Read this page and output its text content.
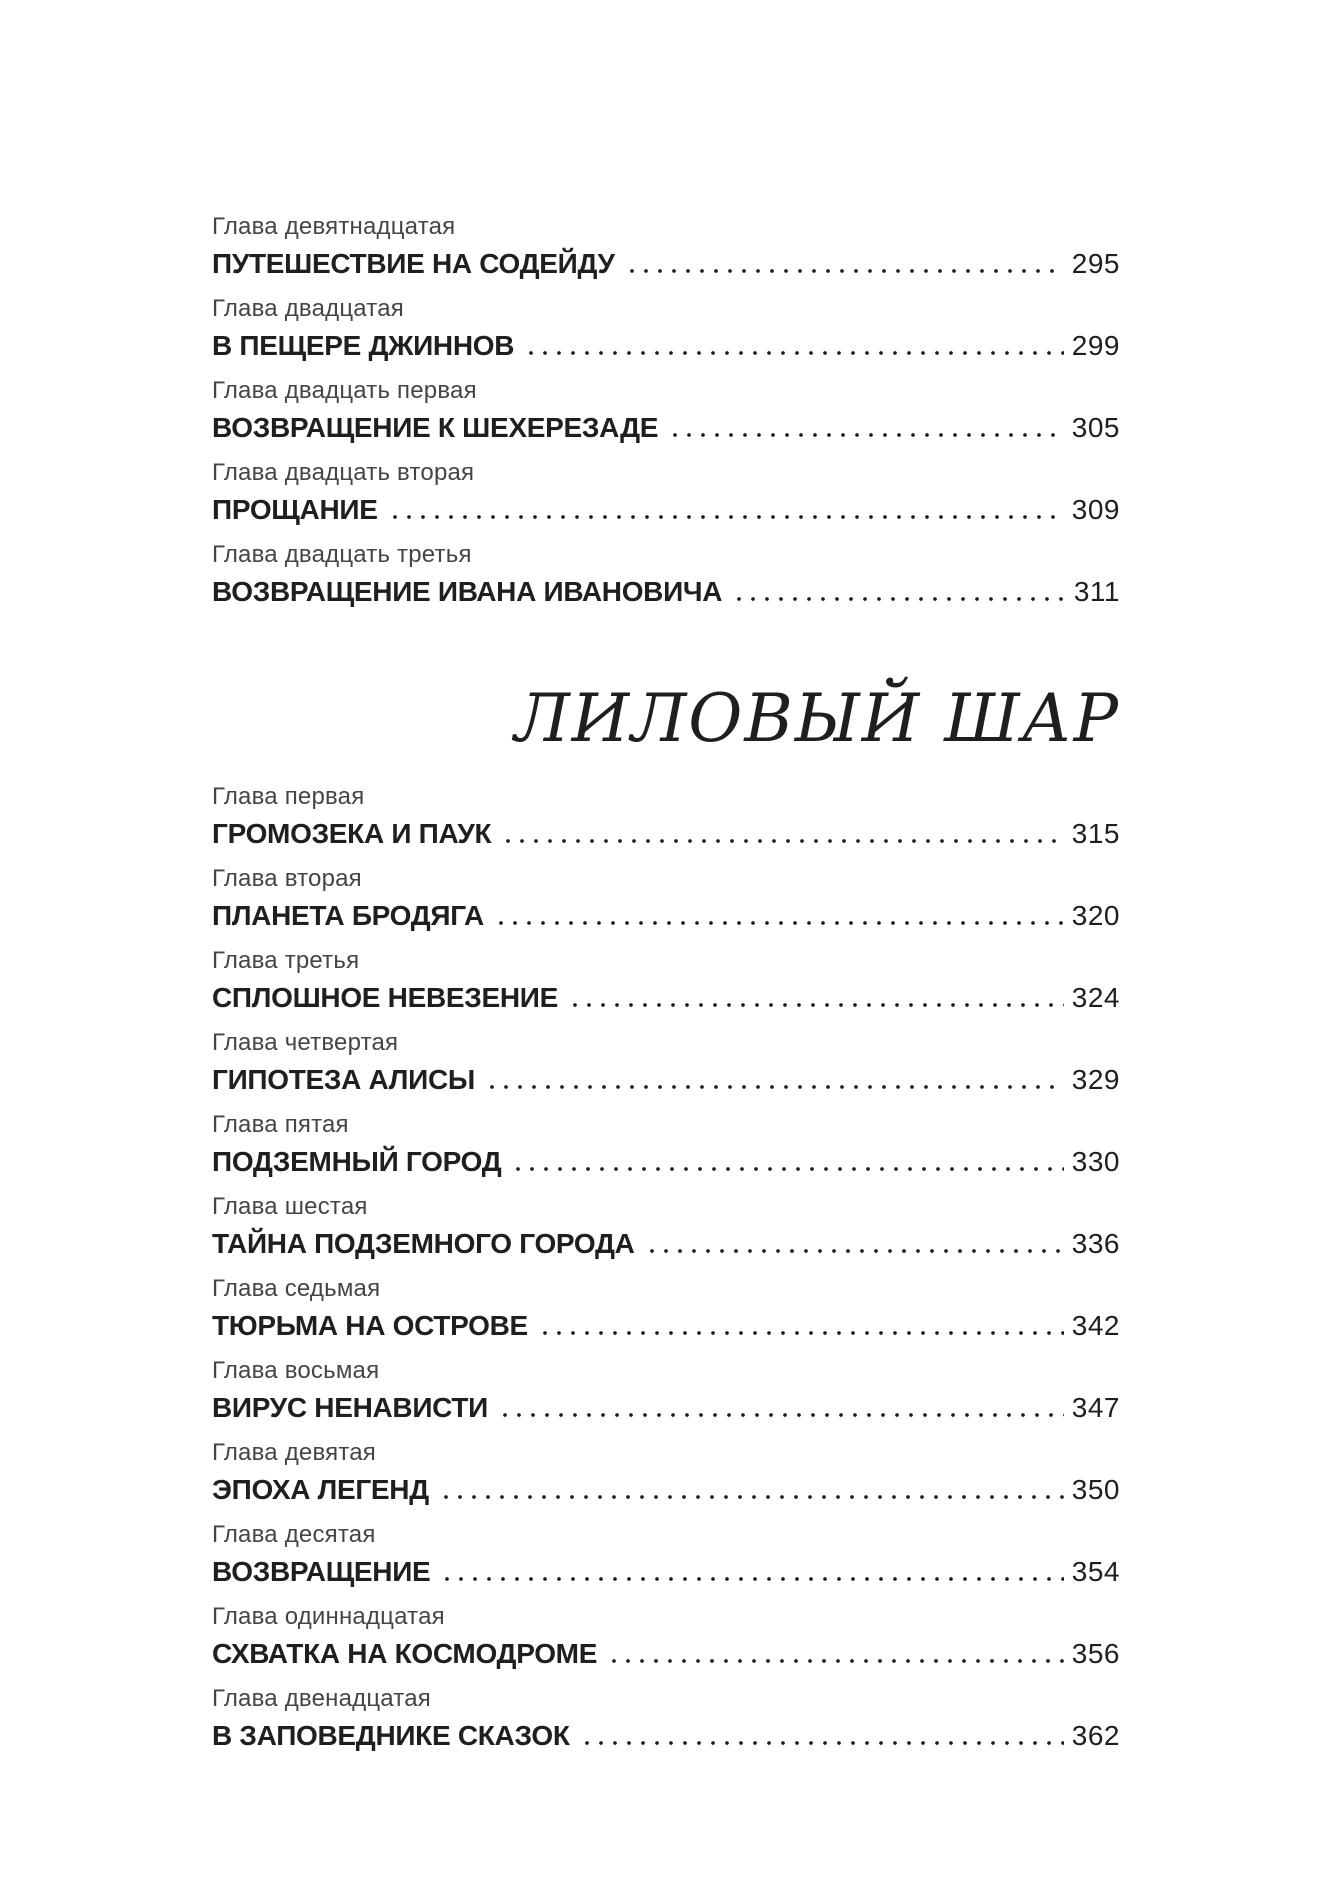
Глава девятнадцатая
ПУТЕШЕСТВИЕ НА СОДЕЙДУ	295
Глава двадцатая
В ПЕЩЕРЕ ДЖИННОВ	299
Глава двадцать первая
ВОЗВРАЩЕНИЕ К ШЕХЕРЕЗАДЕ	305
Глава двадцать вторая
ПРОЩАНИЕ	309
Глава двадцать третья
ВОЗВРАЩЕНИЕ ИВАНА ИВАНОВИЧА	311
ЛИЛОВЫЙ ШАР
Глава первая
ГРОМОЗЕКА И ПАУК	315
Глава вторая
ПЛАНЕТА БРОДЯГА	320
Глава третья
СПЛОШНОЕ НЕВЕЗЕНИЕ	324
Глава четвертая
ГИПОТЕЗА АЛИСЫ	329
Глава пятая
ПОДЗЕМНЫЙ ГОРОД	330
Глава шестая
ТАЙНА ПОДЗЕМНОГО ГОРОДА	336
Глава седьмая
ТЮРЬМА НА ОСТРОВЕ	342
Глава восьмая
ВИРУС НЕНАВИСТИ	347
Глава девятая
ЭПОХА ЛЕГЕНД	350
Глава десятая
ВОЗВРАЩЕНИЕ	354
Глава одиннадцатая
СХВАТКА НА КОСМОДРОМЕ	356
Глава двенадцатая
В ЗАПОВЕДНИКЕ СКАЗОК	362
